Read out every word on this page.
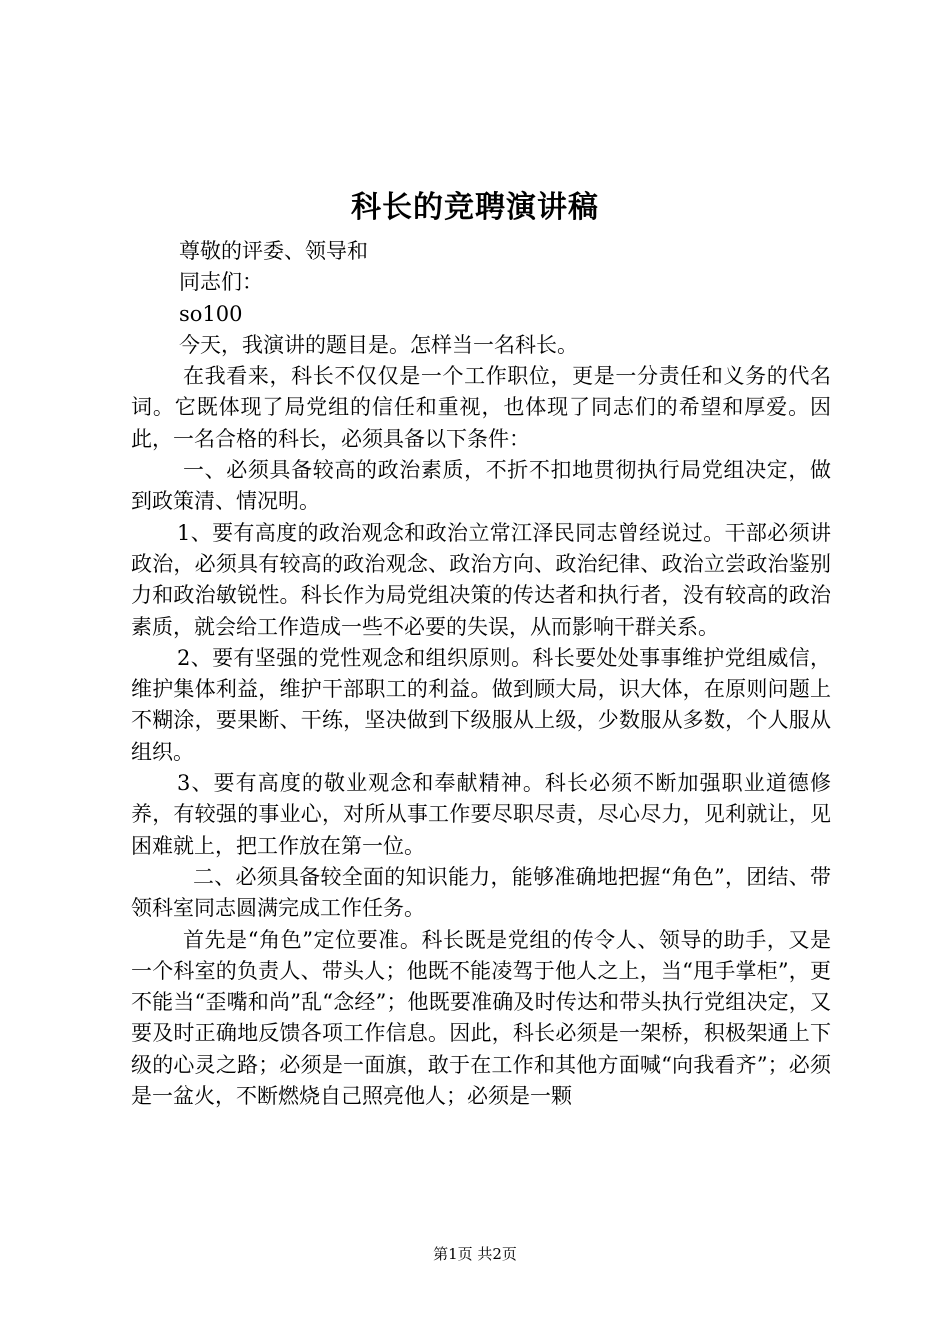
科长的竞聘演讲稿

尊敬的评委、领导和

同志们：

so100

今天，我演讲的题目是。怎样当一名科长。

在我看来，科长不仅仅是一个工作职位，更是一分责任和义务的代名词。它既体现了局党组的信任和重视，也体现了同志们的希望和厚爱。因此，一名合格的科长，必须具备以下条件：

一、必须具备较高的政治素质，不折不扣地贯彻执行局党组决定，做到政策清、情况明。

1、要有高度的政治观念和政治立常江泽民同志曾经说过。干部必须讲政治，必须具有较高的政治观念、政治方向、政治纪律、政治立尝政治鉴别力和政治敏锐性。科长作为局党组决策的传达者和执行者，没有较高的政治素质，就会给工作造成一些不必要的失误，从而影响干群关系。

2、要有坚强的党性观念和组织原则。科长要处处事事维护党组威信，维护集体利益，维护干部职工的利益。做到顾大局，识大体，在原则问题上不糊涂，要果断、干练，坚决做到下级服从上级，少数服从多数，个人服从组织。

3、要有高度的敬业观念和奉献精神。科长必须不断加强职业道德修养，有较强的事业心，对所从事工作要尽职尽责，尽心尽力，见利就让，见困难就上，把工作放在第一位。

二、必须具备较全面的知识能力，能够准确地把握“角色”，团结、带领科室同志圆满完成工作任务。

首先是“角色”定位要准。科长既是党组的传令人、领导的助手，又是一个科室的负责人、带头人；他既不能凌驾于他人之上，当“甩手掌柜”，更不能当“歪嘴和尚”乱“念经”；他既要准确及时传达和带头执行党组决定，又要及时正确地反馈各项工作信息。因此，科长必须是一架桥，积极架通上下级的心灵之路；必须是一面旗，敢于在工作和其他方面喊“向我看齐”；必须是一盆火，不断燃烧自己照亮他人；必须是一颗

第1页 共2页
